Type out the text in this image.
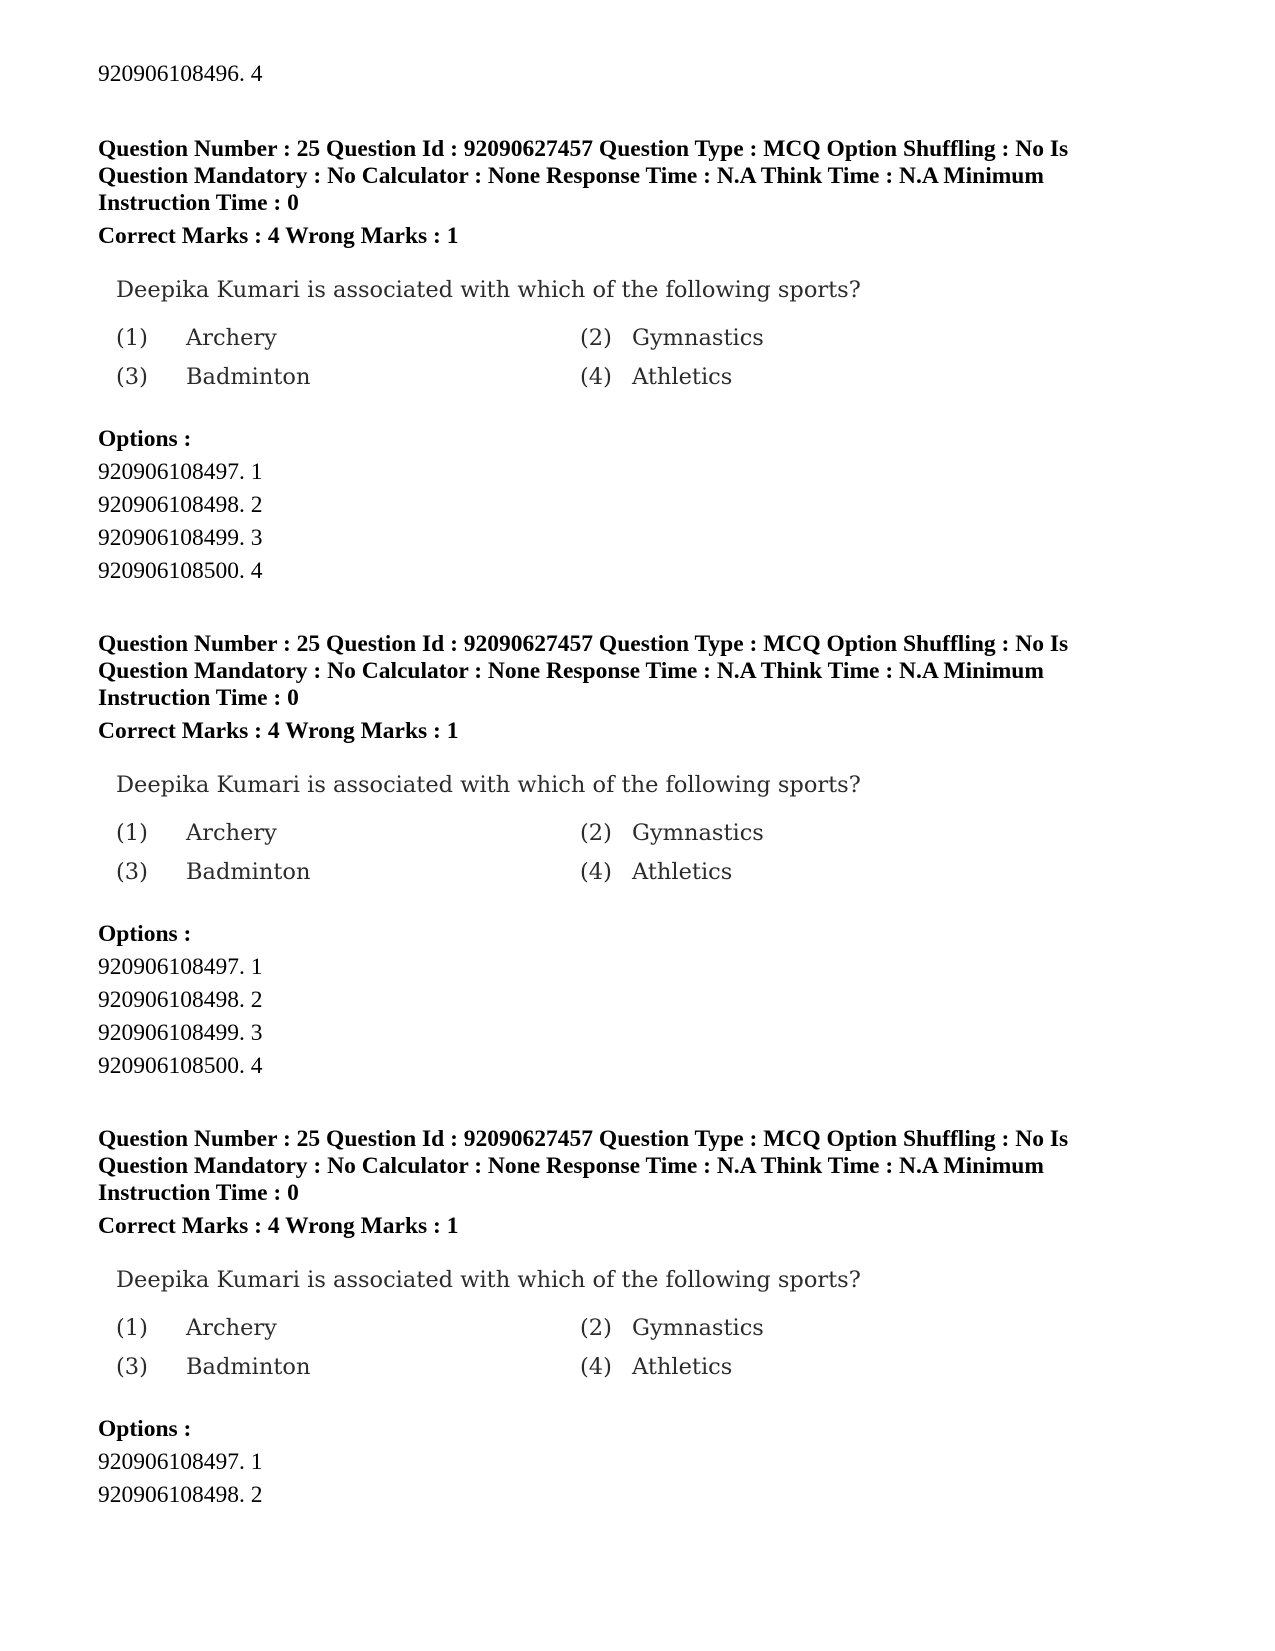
920906108496. 4
Question Number : 25 Question Id : 92090627457 Question Type : MCQ Option Shuffling : No Is
Question Mandatory : No Calculator : None Response Time : N.A Think Time : N.A Minimum
Instruction Time : 0
Correct Marks : 4 Wrong Marks : 1
Deepika Kumari is associated with which of the following sports?
(1) Archery	(2) Gymnastics
(3) Badminton	(4) Athletics
Options :
920906108497. 1
920906108498. 2
920906108499. 3
920906108500. 4
Question Number : 25 Question Id : 92090627457 Question Type : MCQ Option Shuffling : No Is
Question Mandatory : No Calculator : None Response Time : N.A Think Time : N.A Minimum
Instruction Time : 0
Correct Marks : 4 Wrong Marks : 1
Deepika Kumari is associated with which of the following sports?
(1) Archery	(2) Gymnastics
(3) Badminton	(4) Athletics
Options :
920906108497. 1
920906108498. 2
920906108499. 3
920906108500. 4
Question Number : 25 Question Id : 92090627457 Question Type : MCQ Option Shuffling : No Is
Question Mandatory : No Calculator : None Response Time : N.A Think Time : N.A Minimum
Instruction Time : 0
Correct Marks : 4 Wrong Marks : 1
Deepika Kumari is associated with which of the following sports?
(1) Archery	(2) Gymnastics
(3) Badminton	(4) Athletics
Options :
920906108497. 1
920906108498. 2
